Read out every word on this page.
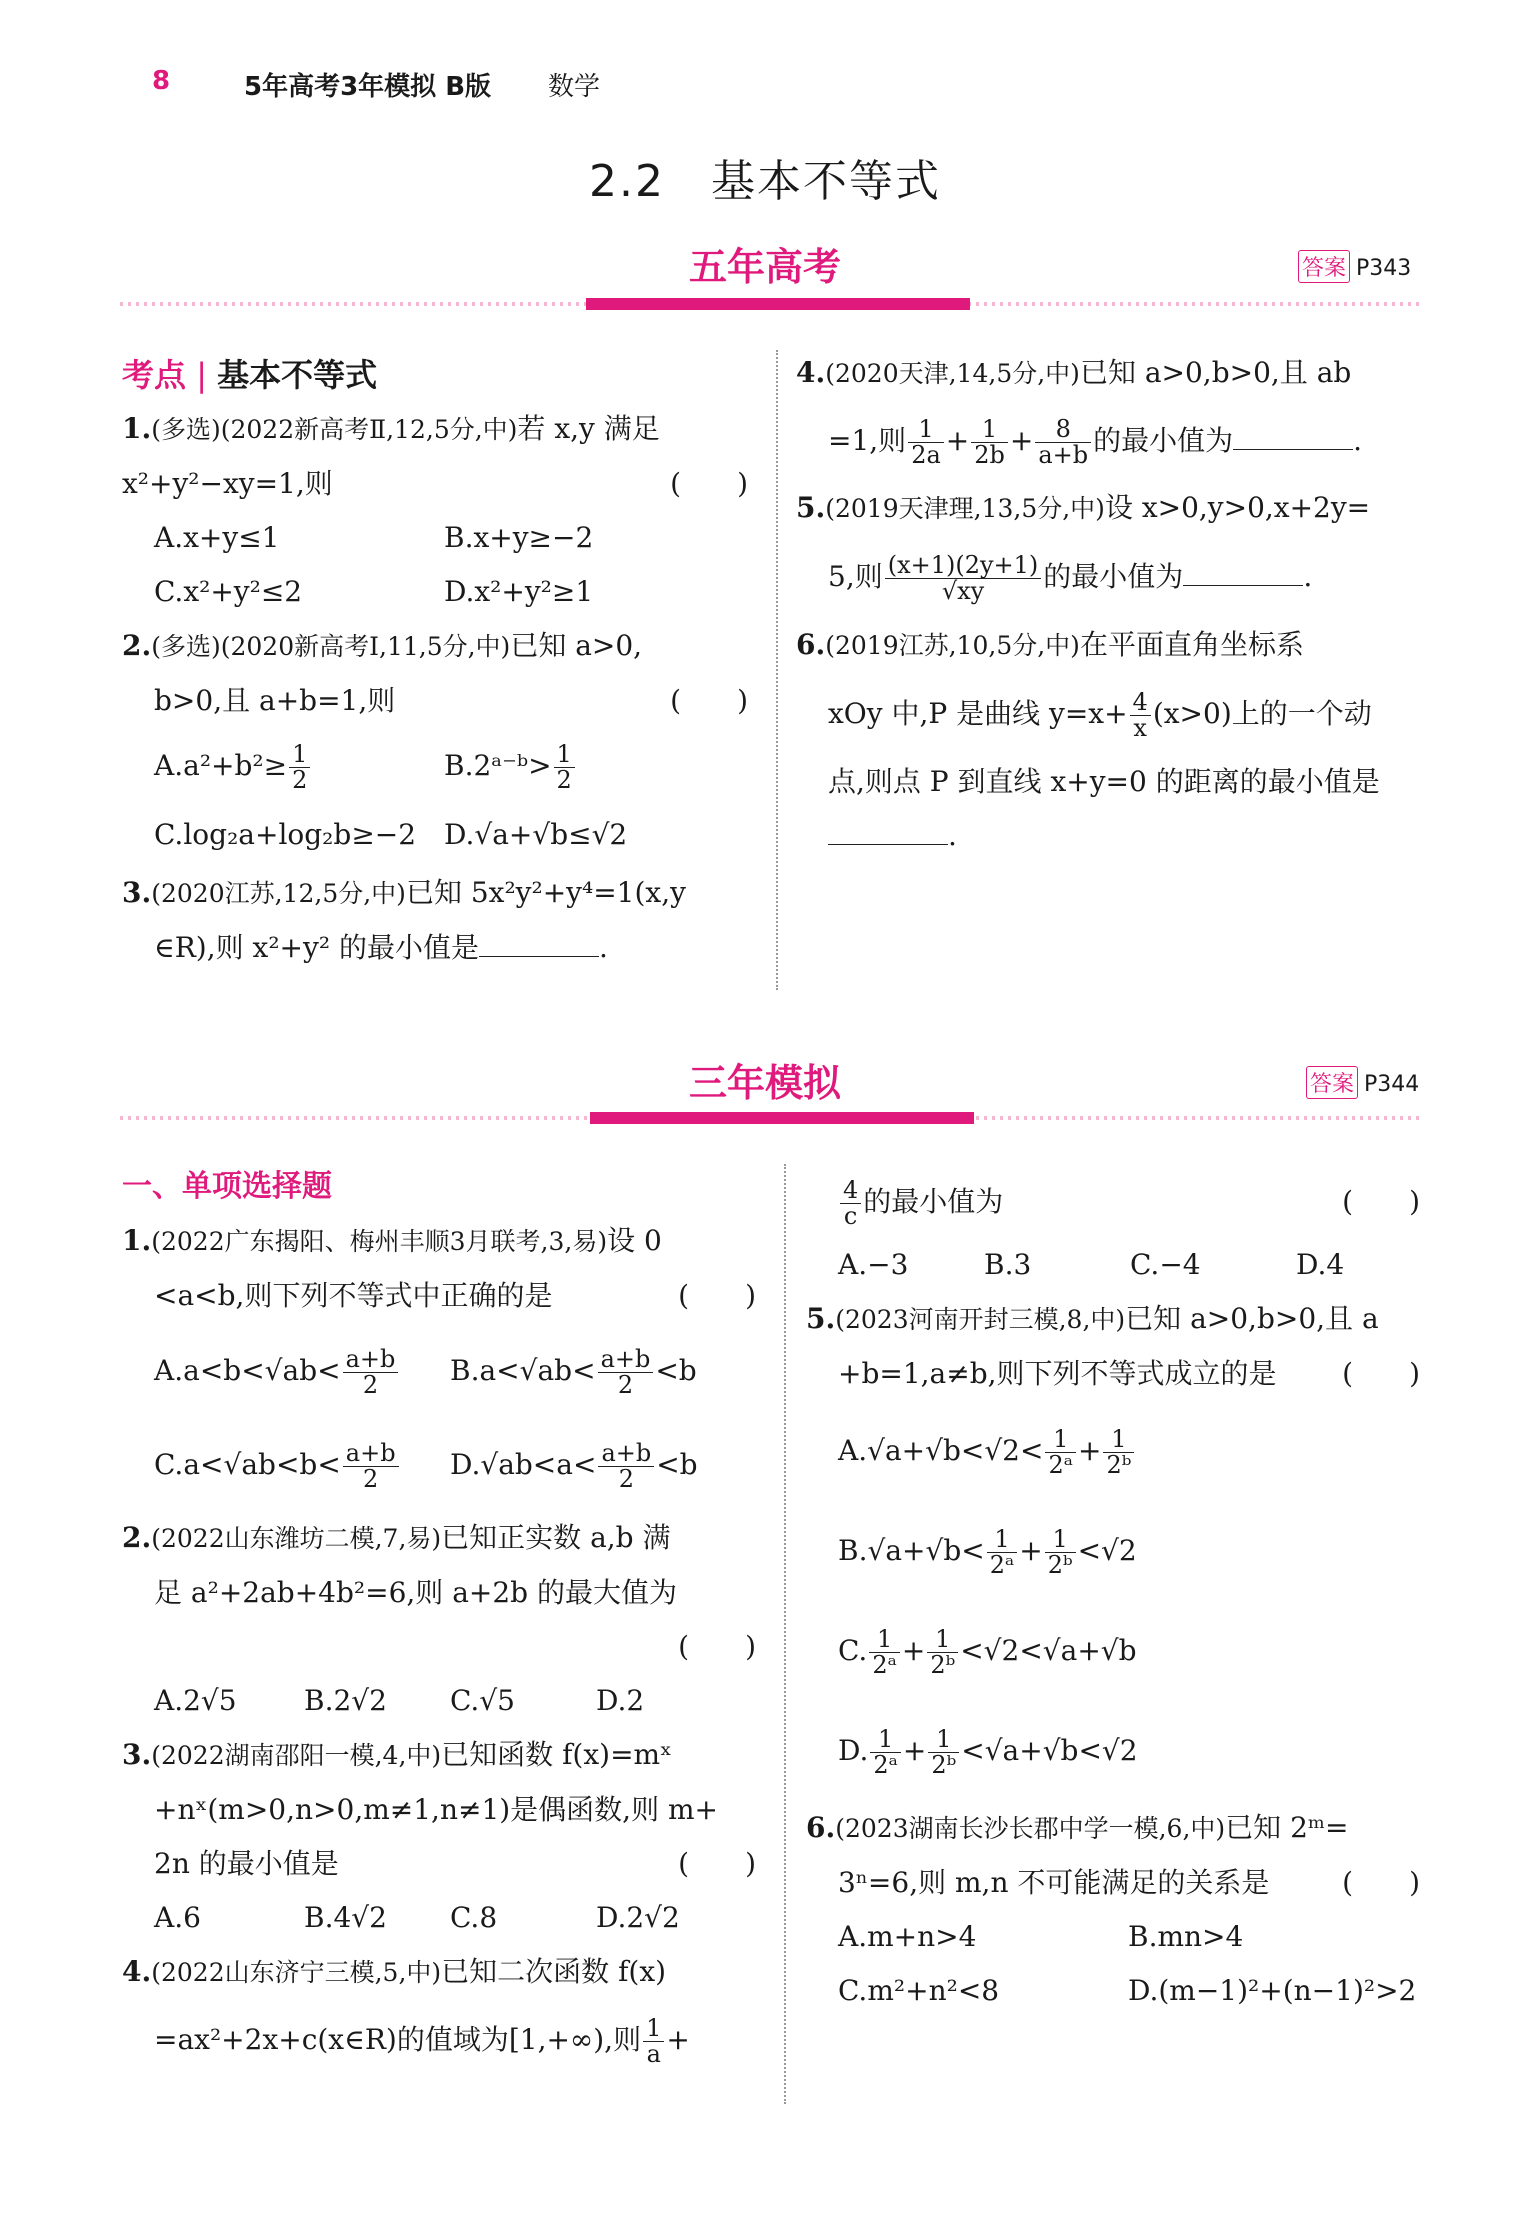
8	5年高考3年模拟 B版 数学
2.2　基本不等式
五年高考	答案 P343
考点 | 基本不等式
1.(多选)(2022新高考Ⅱ,12,5分,中)若 x,y 满足 x²+y²−xy=1,则	(　　)

A.x+y≤1	B.x+y≥−2
C.x²+y²≤2	D.x²+y²≥1
2.(多选)(2020新高考Ⅰ,11,5分,中)已知 a>0,
b>0,且 a+b=1,则	(　　)
$A.a^2+b^2\ge \frac{1}{2}$	B.2ᵃ⁻ᵇ> $\frac{1}{2}$
C.log₂a+log₂b≥−2 D.√a+√b≤√2
3.(2020江苏,12,5分,中)已知 5x²y²+y⁴=1(x,y
∈R),则 x²+y² 的最小值是	.
4.(2020天津,14,5分,中)已知 a>0,b>0,且 ab
=1,则 $\frac{1}{2a} + \frac{1}{2b} + \frac{8}{a+b}$ 的最小值为	.
5.(2019天津理,13,5分,中)设 x>0,y>0,x+2y=
5,则 $\frac{(x+1)(2y+1)}{√xy}$ 的最小值为	.
6.(2019江苏,10,5分,中)在平面直角坐标系
xOy 中,P 是曲线 $y=x+ \frac{4}{x} (x>0)$上的一个动
点,则点 P 到直线 x+y=0 的距离的最小值是
.
三年模拟	答案 P344
一、单项选择题
1.(2022广东揭阳、梅州丰顺3月联考,3,易)设 0
<a<b,则下列不等式中正确的是	(　　)
$A.a<b<√ab< \frac{a+b}{2} B.a<√ab< \frac{a+b}{2} <b$
$C.a<√ab<b< \frac{a+b}{2} D.√ab<a< \frac{a+b}{2} <b$
2.(2022山东潍坊二模,7,易)已知正实数 a,b 满
足 a²+2ab+4b²=6,则 a+2b 的最大值为
(　　)

A.2√5	B.2√2	C.√5	D.2
3.(2022湖南邵阳一模,4,中)已知函数 f(x)=mˣ
+nˣ(m>0,n>0,m≠1,n≠1)是偶函数,则 m+
2n 的最小值是	(　　)
A.6	B.4√2	C.8	D.2√2
4.(2022山东济宁三模,5,中)已知二次函数 f(x)
=ax²+2x+c(x∈R)的值域为[1,+∞),则 $\frac{1}{a}$ +
$\frac{4}{c}$ 的最小值为	(　　)
A.−3	B.3	C.−4	D.4
5.(2023河南开封三模,8,中)已知 a>0,b>0,且 a
+b=1,a≠b,则下列不等式成立的是 (　　)
$A.√a+√b<√2< \frac{1}{\text{2ᵃ}} + \frac{1}{\text{2ᵇ}}$
$B.√a+√b< \frac{1}{\text{2ᵃ}} + \frac{1}{\text{2ᵇ}} <√2$
C. $\frac{1}{\text{2ᵃ}} + \frac{1}{\text{2ᵇ}} <√2<√a+√b$
D. $\frac{1}{\text{2ᵃ}} + \frac{1}{\text{2ᵇ}} <√a+√b<√2$
6.(2023湖南长沙长郡中学一模,6,中)已知 2ᵐ=
3ⁿ=6,则 m,n 不可能满足的关系是	(　　)
A.m+n>4	B.mn>4
C.m²+n²<8	D.(m−1)²+(n−1)²>2
